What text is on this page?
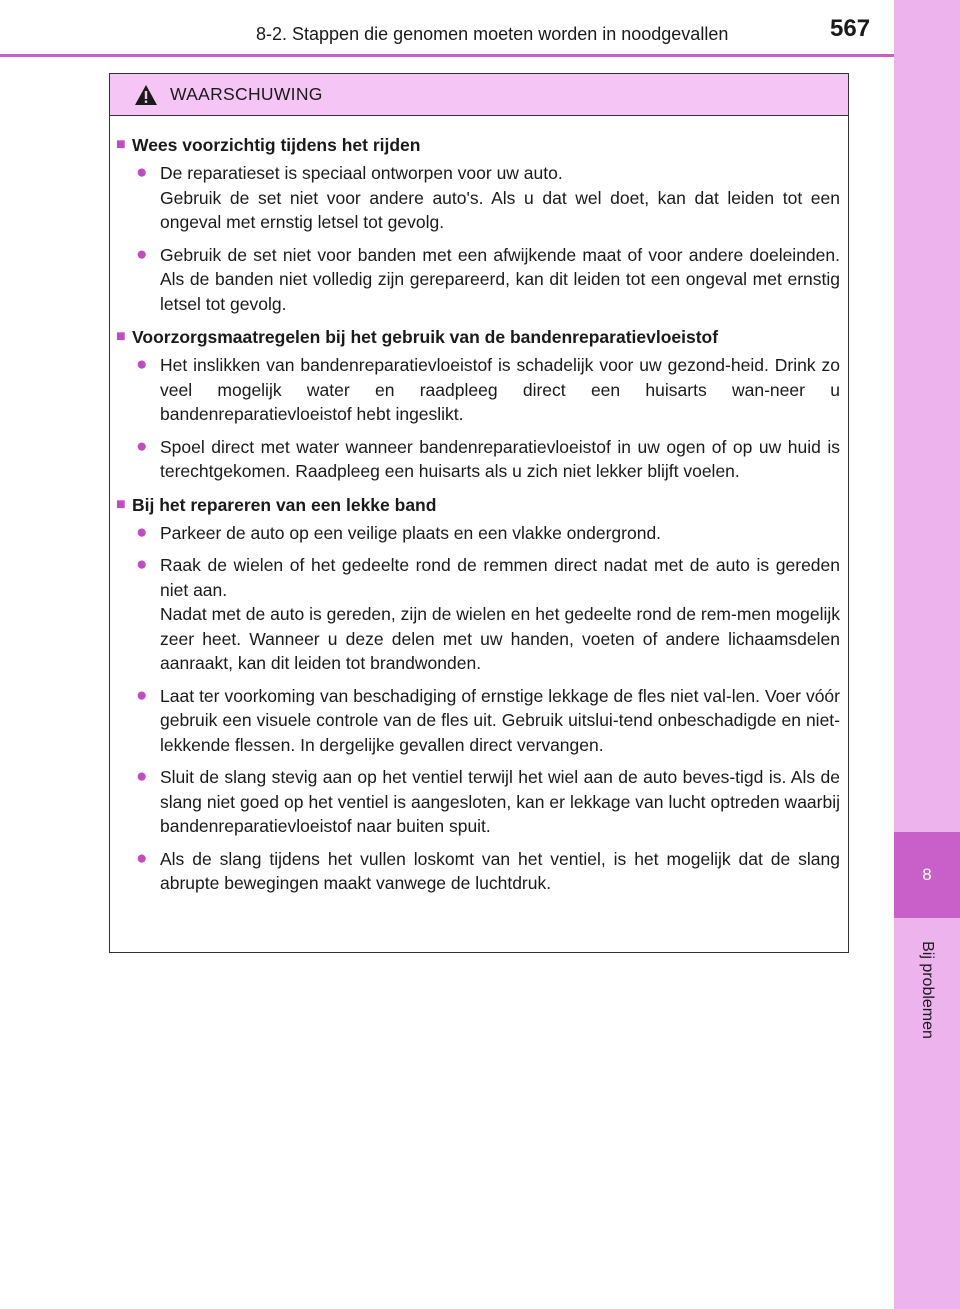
8
Bij problemen
8-2. Stappen die genomen moeten worden in noodgevallen	567
WAARSCHUWING
■ Wees voorzichtig tijdens het rijden
● De reparatieset is speciaal ontworpen voor uw auto.

Gebruik de set niet voor andere auto's. Als u dat wel doet, kan dat leiden tot een ongeval met ernstig letsel tot gevolg.

● Gebruik de set niet voor banden met een afwijkende maat of voor andere doeleinden. Als de banden niet volledig zijn gerepareerd, kan dit leiden tot een ongeval met ernstig letsel tot gevolg.

■ Voorzorgsmaatregelen bij het gebruik van de bandenreparatievloeistof
● Het inslikken van bandenreparatievloeistof is schadelijk voor uw gezond-heid. Drink zo veel mogelijk water en raadpleeg direct een huisarts wan-neer u bandenreparatievloeistof hebt ingeslikt.

● Spoel direct met water wanneer bandenreparatievloeistof in uw ogen of op uw huid is terechtgekomen. Raadpleeg een huisarts als u zich niet lekker blijft voelen.

■ Bij het repareren van een lekke band
● Parkeer de auto op een veilige plaats en een vlakke ondergrond.

● Raak de wielen of het gedeelte rond de remmen direct nadat met de auto is gereden niet aan.

Nadat met de auto is gereden, zijn de wielen en het gedeelte rond de rem-men mogelijk zeer heet. Wanneer u deze delen met uw handen, voeten of andere lichaamsdelen aanraakt, kan dit leiden tot brandwonden.

● Laat ter voorkoming van beschadiging of ernstige lekkage de fles niet val-len. Voer vóór gebruik een visuele controle van de fles uit. Gebruik uitslui-tend onbeschadigde en niet-lekkende flessen. In dergelijke gevallen direct vervangen.

● Sluit de slang stevig aan op het ventiel terwijl het wiel aan de auto beves-tigd is. Als de slang niet goed op het ventiel is aangesloten, kan er lekkage van lucht optreden waarbij bandenreparatievloeistof naar buiten spuit.

● Als de slang tijdens het vullen loskomt van het ventiel, is het mogelijk dat de slang abrupte bewegingen maakt vanwege de luchtdruk.
